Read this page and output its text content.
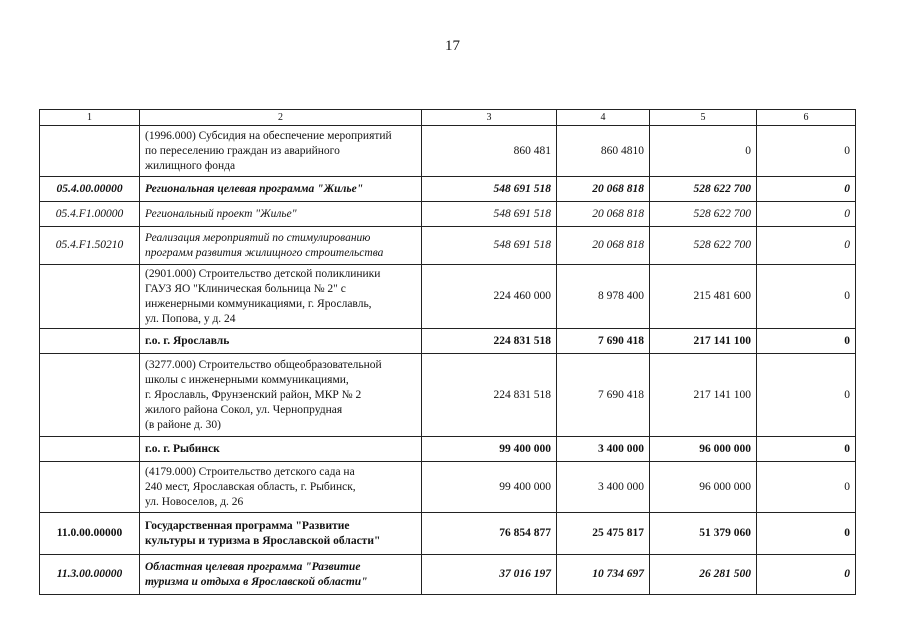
17
1	2	3	4	5	6

	(1996.000) Субсидия на обеспечение мероприятий
по переселению граждан из аварийного
жилищного фонда	860 481	860 4810	0	0
05.4.00.00000	Региональная целевая программа "Жилье"	548 691 518	20 068 818	528 622 700	0
05.4.F1.00000	Региональный проект "Жилье"	548 691 518	20 068 818	528 622 700	0
05.4.F1.50210	Реализация мероприятий по стимулированию
программ развития жилищного строительства	548 691 518	20 068 818	528 622 700	0

	(2901.000) Строительство детской поликлиники
ГАУЗ ЯО "Клиническая больница № 2" с
инженерными коммуникациями, г. Ярославль,
ул. Попова, у д. 24	224 460 000	8 978 400	215 481 600	0

	г.о. г. Ярославль	224 831 518	7 690 418	217 141 100	0

	(3277.000) Строительство общеобразовательной
школы с инженерными коммуникациями,
г. Ярославль, Фрунзенский район, МКР № 2
жилого района Сокол, ул. Чернопрудная
(в районе д. 30)	224 831 518	7 690 418	217 141 100	0

	г.о. г. Рыбинск	99 400 000	3 400 000	96 000 000	0

	(4179.000) Строительство детского сада на
240 мест, Ярославская область, г. Рыбинск,
ул. Новоселов, д. 26	99 400 000	3 400 000	96 000 000	0
11.0.00.00000	Государственная программа "Развитие
культуры и туризма в Ярославской области"	76 854 877	25 475 817	51 379 060	0
11.3.00.00000	Областная целевая программа "Развитие
туризма и отдыха в Ярославской области"	37 016 197	10 734 697	26 281 500	0
